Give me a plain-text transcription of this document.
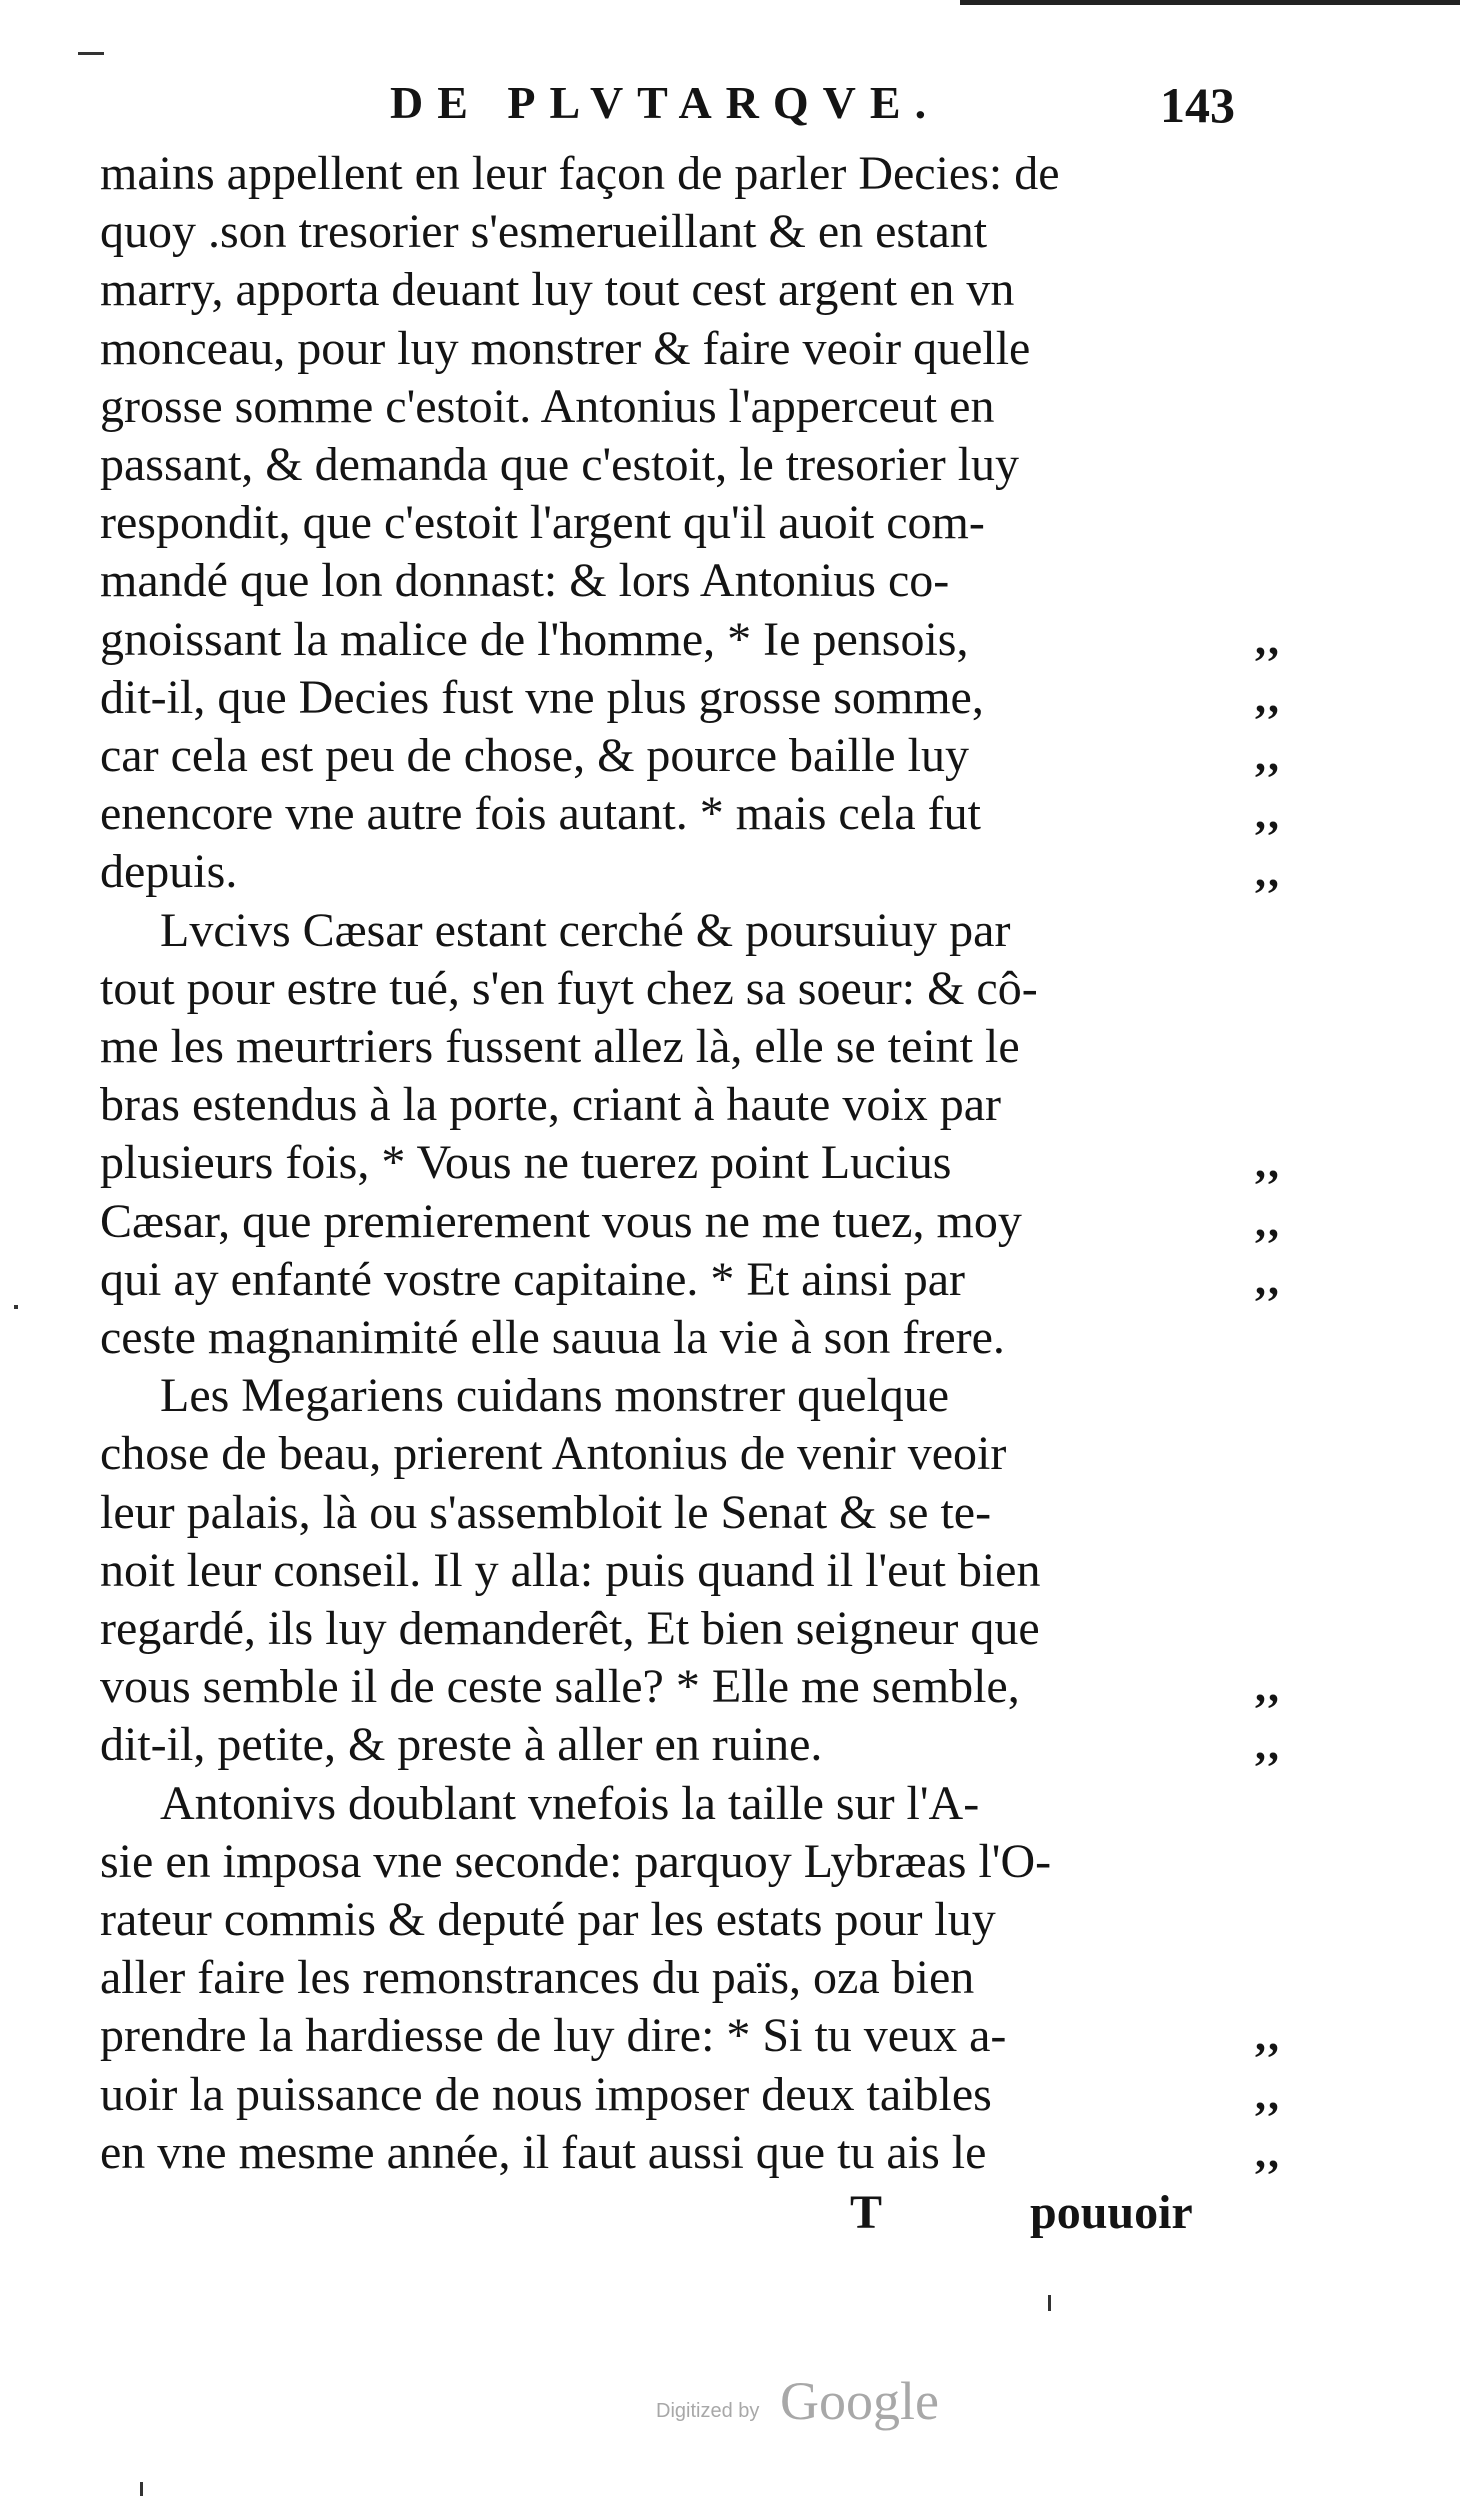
DE PLVTARQVE.	143
mains appellent en leur façon de parler Decies: de
quoy .son tresorier s'esmerueillant & en estant
marry, apporta deuant luy tout cest argent en vn
monceau, pour luy monstrer & faire veoir quelle
grosse somme c'estoit. Antonius l'apperceut en
passant, & demanda que c'estoit, le tresorier luy
respondit, que c'estoit l'argent qu'il auoit com-
mandé que lon donnast: & lors Antonius co-
gnoissant la malice de l'homme, * Ie pensois,
dit-il, que Decies fust vne plus grosse somme,
car cela est peu de chose, & pource baille luy
enencore vne autre fois autant. * mais cela fut
depuis.
Lvcivs Cæsar estant cerché & poursuiuy par
tout pour estre tué, s'en fuyt chez sa soeur: & cô-
me les meurtriers fussent allez là, elle se teint le
bras estendus à la porte, criant à haute voix par
plusieurs fois, * Vous ne tuerez point Lucius
Cæsar, que premierement vous ne me tuez, moy
qui ay enfanté vostre capitaine. * Et ainsi par
ceste magnanimité elle sauua la vie à son frere.
Les Megariens cuidans monstrer quelque
chose de beau, prierent Antonius de venir veoir
leur palais, là ou s'assembloit le Senat & se te-
noit leur conseil. Il y alla: puis quand il l'eut bien
regardé, ils luy demanderêt, Et bien seigneur que
vous semble il de ceste salle? * Elle me semble,
dit-il, petite, & preste à aller en ruine.
Antonivs doublant vnefois la taille sur l'A-
sie en imposa vne seconde: parquoy Lybræas l'O-
rateur commis & deputé par les estats pour luy
aller faire les remonstrances du païs, oza bien
prendre la hardiesse de luy dire: * Si tu veux a-
uoir la puissance de nous imposer deux taibles
en vne mesme année, il faut aussi que tu ais le
,,
,,
,,
,,
,,
,,
,,
,,
,,
,,
,,
,,
,,
T	pouuoir
Digitized by Google
